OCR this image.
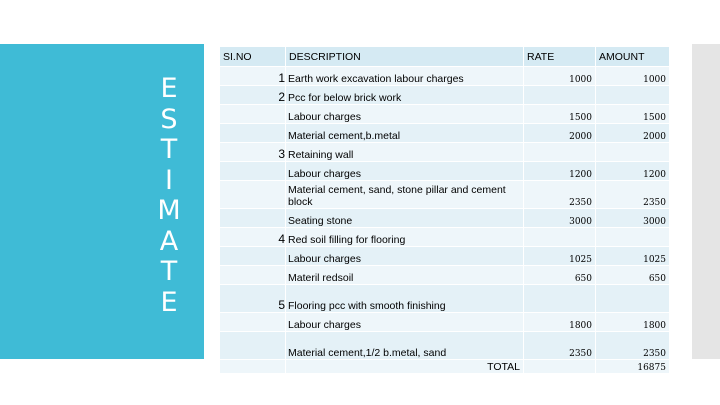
E
S
T
I
M
A
T
E
SI.NO	DESCRIPTION	RATE	AMOUNT
1	Earth work excavation labour charges	1000	1000
2	Pcc for below brick work		
	Labour charges	1500	1500
	Material cement,b.metal	2000	2000
3	Retaining wall		
	Labour charges	1200	1200
	Material cement, sand, stone pillar and cement block	2350	2350
	Seating stone	3000	3000
4	Red soil filling for flooring		
	Labour charges	1025	1025
	Materil redsoil	650	650
5	Flooring pcc with smooth finishing		
	Labour charges	1800	1800
	Material cement,1/2 b.metal, sand	2350	2350
	TOTAL		16875
